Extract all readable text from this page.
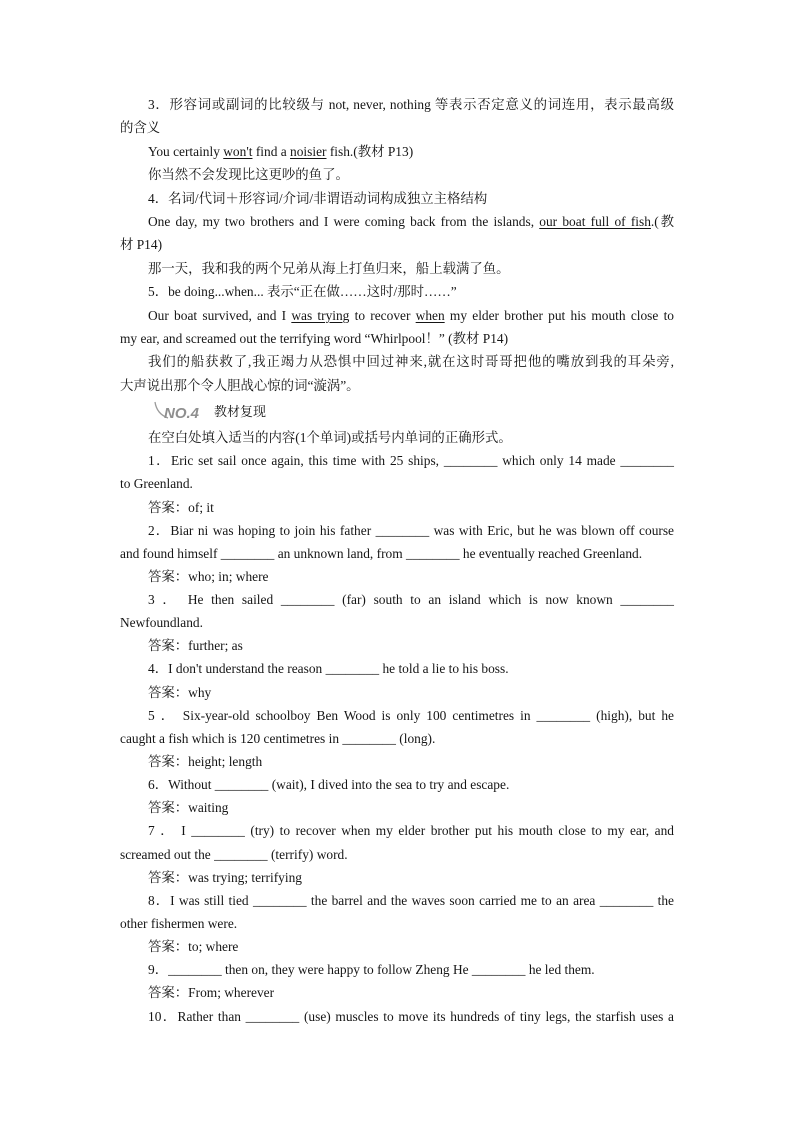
3．形容词或副词的比较级与 not, never, nothing 等表示否定意义的词连用，表示最高级
的含义
You certainly won't find a noisier fish.(教材 P13)
你当然不会发现比这更吵的鱼了。
4．名词/代词＋形容词/介词/非谓语动词构成独立主格结构
One day, my two brothers and I were coming back from the islands, our boat full of fish.(教
材 P14)
那一天，我和我的两个兄弟从海上打鱼归来，船上载满了鱼。
5．be doing...when... 表示“正在做……这时/那时……”
Our boat survived, and I was trying to recover when my elder brother put his mouth close to
my ear, and screamed out the terrifying word “Whirlpool！” (教材 P14)
我们的船获救了,我正竭力从恐惧中回过神来,就在这时哥哥把他的嘴放到我的耳朵旁,
大声说出那个令人胆战心惊的词“漩涡”。
NO.4 教材复现
在空白处填入适当的内容(1个单词)或括号内单词的正确形式。
1．Eric set sail once again, this time with 25 ships, ________ which only 14 made ________
to Greenland.
答案：of; it
2．Biar ni was hoping to join his father ________ was with Eric, but he was blown off course
and found himself ________ an unknown land, from ________ he eventually reached Greenland.
答案：who; in; where
3 ． He then sailed ________ (far) south to an island which is now known ________
Newfoundland.
答案：further; as
4．I don't understand the reason ________ he told a lie to his boss.
答案：why
5 ． Six-year-old schoolboy Ben Wood is only 100 centimetres in ________ (high), but he
caught a fish which is 120 centimetres in ________ (long).
答案：height; length
6．Without ________ (wait), I dived into the sea to try and escape.
答案：waiting
7 ． I ________ (try) to recover when my elder brother put his mouth close to my ear, and
screamed out the ________ (terrify) word.
答案：was trying; terrifying
8．I was still tied ________ the barrel and the waves soon carried me to an area ________ the
other fishermen were.
答案：to; where
9．________ then on, they were happy to follow Zheng He ________ he led them.
答案：From; wherever
10．Rather than ________ (use) muscles to move its hundreds of tiny legs, the starfish uses a
